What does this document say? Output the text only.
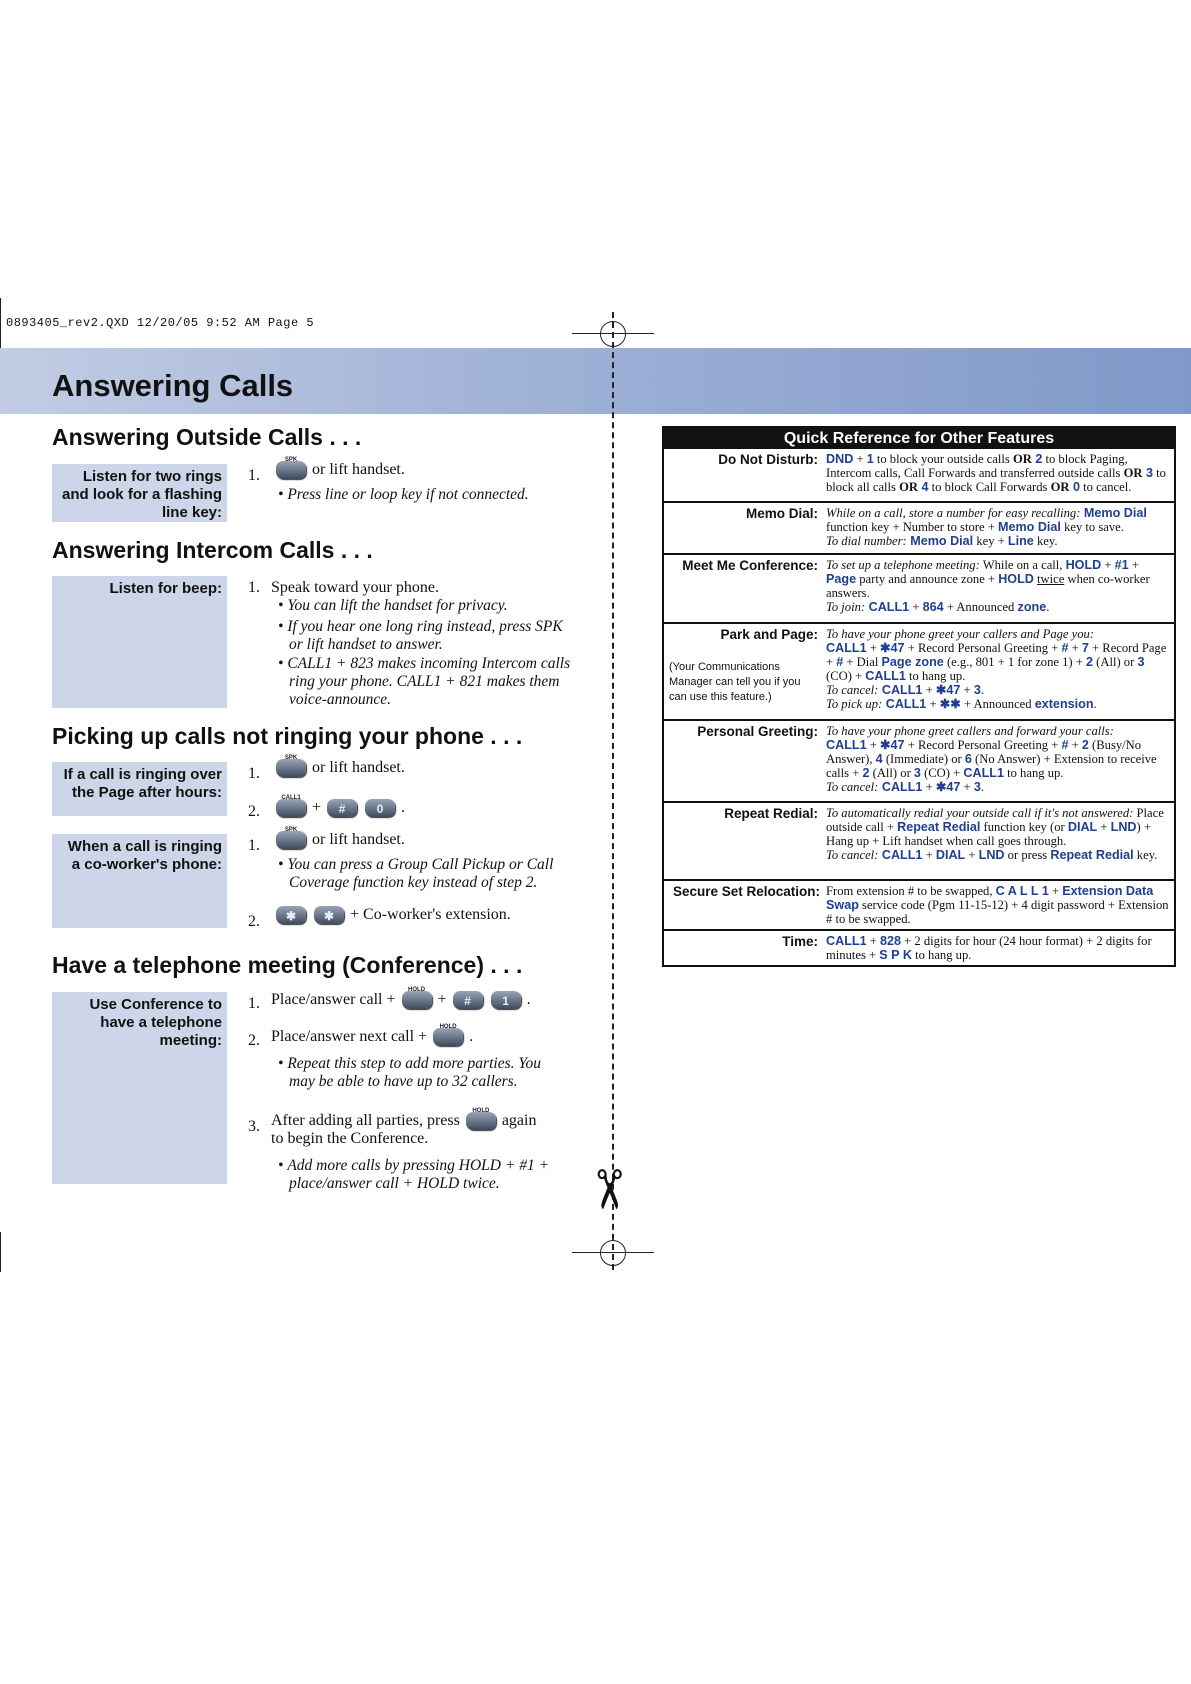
0893405_rev2.QXD 12/20/05 9:52 AM Page 5
Answering Calls
✂
Answering Outside Calls . . .
Listen for two rings and look for a flashing line key:
1.
SPK
or lift handset.
• Press line or loop key if not connected.
Answering Intercom Calls . . .
Listen for beep:	1. Speak toward your phone.
• You can lift the handset for privacy.
• If you hear one long ring instead, press SPK or lift handset to answer.
• CALL1 + 823 makes incoming Intercom calls ring your phone. CALL1 + 821 makes them voice-announce.
Picking up calls not ringing your phone . . .
If a call is ringing over the Page after hours:
1.
SPK
or lift handset.
2.
CALL1
+	#
	0	.
When a call is ringing a co-worker's phone:
1.
SPK
or lift handset.
• You can press a Group Call Pickup or Call Coverage function key instead of step 2.
2.	✱
	✱ + Co-worker's extension.
Have a telephone meeting (Conference) . . .
Use Conference to have a telephone meeting:
1. Place/answer call +
HOLD
+	#
	1	.
2. Place/answer next call +
HOLD
.
• Repeat this step to add more parties. You may be able to have up to 32 callers.
3. After adding all parties, press
HOLD
again
to begin the Conference.
• Add more calls by pressing HOLD + #1 + place/answer call + HOLD twice.
Quick Reference for Other Features
Do Not Disturb: DND + 1 to block your outside calls OR 2 to block Paging, Intercom calls, Call Forwards and transferred outside calls OR 3 to block all calls OR 4 to block Call Forwards OR 0 to cancel.
Memo Dial: While on a call, store a number for easy recalling: Memo Dial function key + Number to store + Memo Dial key to save.
To dial number: Memo Dial key + Line key.
Meet Me Conference: To set up a telephone meeting: While on a call, HOLD + #1 + Page party and announce zone + HOLD twice when co-worker answers.
To join: CALL1 + 864 + Announced zone.
Park and Page:
(Your Communications Manager can tell you if you can use this feature.)
To have your phone greet your callers and Page you:
CALL1 + ✱47 + Record Personal Greeting + # + 7 + Record Page + # + Dial Page zone (e.g., 801 + 1 for zone 1) + 2 (All) or 3 (CO) + CALL1 to hang up.
To cancel: CALL1 + ✱47 + 3.
To pick up: CALL1 + ✱✱ + Announced extension.
Personal Greeting: To have your phone greet callers and forward your calls:
CALL1 + ✱47 + Record Personal Greeting + # + 2 (Busy/No Answer), 4 (Immediate) or 6 (No Answer) + Extension to receive calls + 2 (All) or 3 (CO) + CALL1 to hang up.
To cancel: CALL1 + ✱47 + 3.
Repeat Redial: To automatically redial your outside call if it's not answered: Place outside call + Repeat Redial function key (or DIAL + LND) + Hang up + Lift handset when call goes through.
To cancel: CALL1 + DIAL + LND or press Repeat Redial key.
Secure Set Relocation: From extension # to be swapped, C A L L 1 + Extension Data Swap service code (Pgm 11-15-12) + 4 digit password + Extension # to be swapped.
Time: CALL1 + 828 + 2 digits for hour (24 hour format) + 2 digits for minutes + S P K to hang up.
